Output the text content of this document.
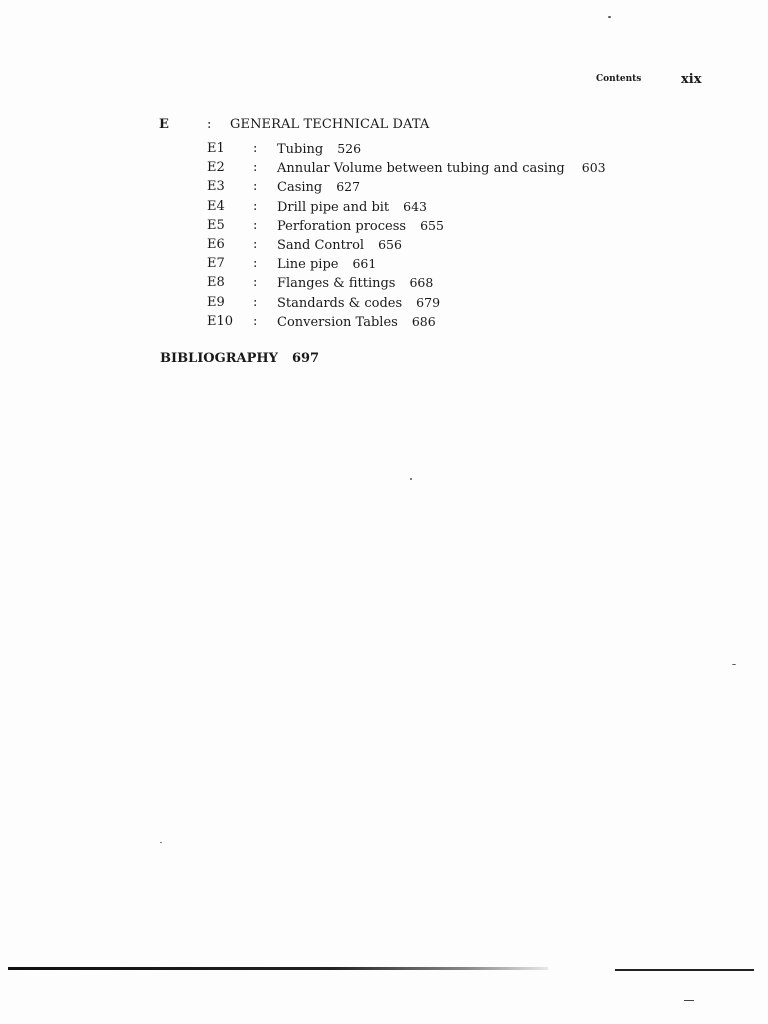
Contents	xix
E	: GENERAL TECHNICAL DATA
E1 : Tubing 526
E2 : Annular Volume between tubing and casing 603
E3 : Casing 627
E4 : Drill pipe and bit 643
E5 : Perforation process 655
E6 : Sand Control 656
E7 : Line pipe 661
E8 : Flanges & fittings 668
E9 : Standards & codes 679
E10 : Conversion Tables 686
BIBLIOGRAPHY 697
